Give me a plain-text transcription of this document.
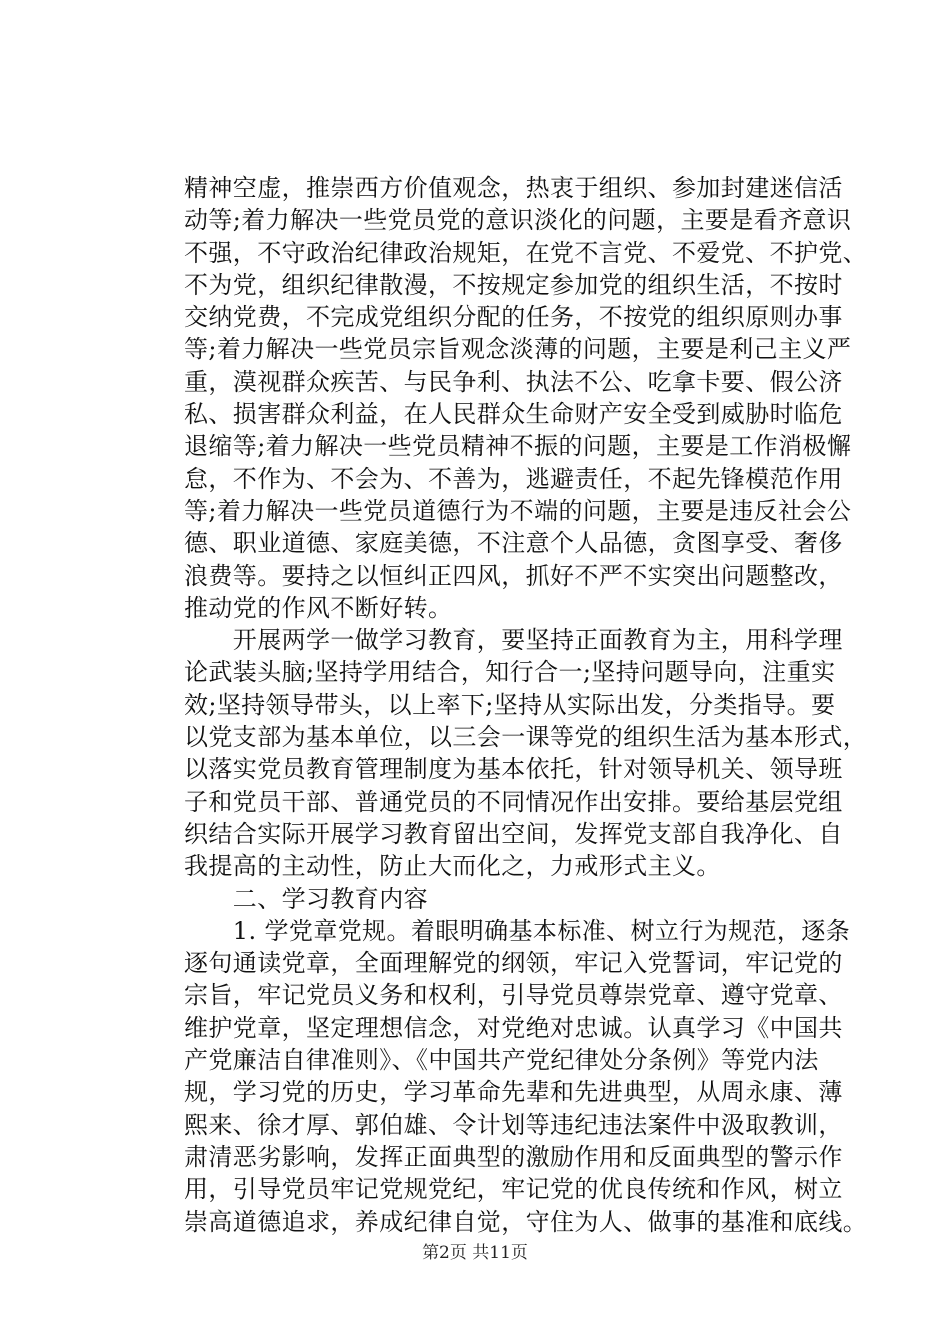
精神空虚，推崇西方价值观念，热衷于组织、参加封建迷信活
动等;着力解决一些党员党的意识淡化的问题，主要是看齐意识
不强，不守政治纪律政治规矩，在党不言党、不爱党、不护党、
不为党，组织纪律散漫，不按规定参加党的组织生活，不按时
交纳党费，不完成党组织分配的任务，不按党的组织原则办事
等;着力解决一些党员宗旨观念淡薄的问题，主要是利己主义严
重，漠视群众疾苦、与民争利、执法不公、吃拿卡要、假公济
私、损害群众利益，在人民群众生命财产安全受到威胁时临危
退缩等;着力解决一些党员精神不振的问题，主要是工作消极懈
怠，不作为、不会为、不善为，逃避责任，不起先锋模范作用
等;着力解决一些党员道德行为不端的问题，主要是违反社会公
德、职业道德、家庭美德，不注意个人品德，贪图享受、奢侈
浪费等。要持之以恒纠正四风，抓好不严不实突出问题整改，
推动党的作风不断好转。
　　开展两学一做学习教育，要坚持正面教育为主，用科学理
论武装头脑;坚持学用结合，知行合一;坚持问题导向，注重实
效;坚持领导带头，以上率下;坚持从实际出发，分类指导。要
以党支部为基本单位，以三会一课等党的组织生活为基本形式，
以落实党员教育管理制度为基本依托，针对领导机关、领导班
子和党员干部、普通党员的不同情况作出安排。要给基层党组
织结合实际开展学习教育留出空间，发挥党支部自我净化、自
我提高的主动性，防止大而化之，力戒形式主义。
　　二、学习教育内容
　　1. 学党章党规。着眼明确基本标准、树立行为规范，逐条
逐句通读党章，全面理解党的纲领，牢记入党誓词，牢记党的
宗旨，牢记党员义务和权利，引导党员尊崇党章、遵守党章、
维护党章，坚定理想信念，对党绝对忠诚。认真学习《中国共
产党廉洁自律准则》、《中国共产党纪律处分条例》等党内法
规，学习党的历史，学习革命先辈和先进典型，从周永康、薄
熙来、徐才厚、郭伯雄、令计划等违纪违法案件中汲取教训，
肃清恶劣影响，发挥正面典型的激励作用和反面典型的警示作
用，引导党员牢记党规党纪，牢记党的优良传统和作风，树立
崇高道德追求，养成纪律自觉，守住为人、做事的基准和底线。
第2页 共11页
